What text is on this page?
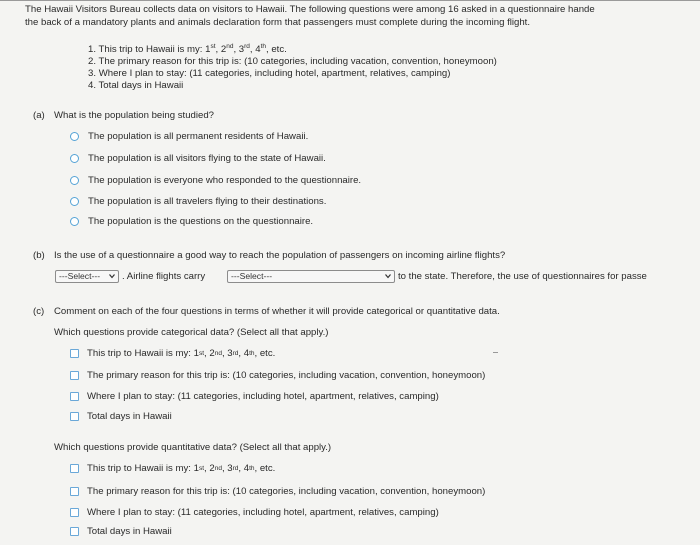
The Hawaii Visitors Bureau collects data on visitors to Hawaii. The following questions were among 16 asked in a questionnaire hande
the back of a mandatory plants and animals declaration form that passengers must complete during the incoming flight.
1. This trip to Hawaii is my: 1st, 2nd, 3rd, 4th, etc.
2. The primary reason for this trip is: (10 categories, including vacation, convention, honeymoon)
3. Where I plan to stay: (11 categories, including hotel, apartment, relatives, camping)
4. Total days in Hawaii
(a) What is the population being studied?
The population is all permanent residents of Hawaii.
The population is all visitors flying to the state of Hawaii.
The population is everyone who responded to the questionnaire.
The population is all travelers flying to their destinations.
The population is the questions on the questionnaire.
(b) Is the use of a questionnaire a good way to reach the population of passengers on incoming airline flights?
---Select---	. Airline flights carry	---Select---	to the state. Therefore, the use of questionnaires for passe
(c) Comment on each of the four questions in terms of whether it will provide categorical or quantitative data.
Which questions provide categorical data? (Select all that apply.)
This trip to Hawaii is my: 1 st , 2 nd , 3 rd , 4 th , etc.
The primary reason for this trip is: (10 categories, including vacation, convention, honeymoon)
Where I plan to stay: (11 categories, including hotel, apartment, relatives, camping)
Total days in Hawaii
Which questions provide quantitative data? (Select all that apply.)
This trip to Hawaii is my: 1 st , 2 nd , 3 rd , 4 th , etc.
The primary reason for this trip is: (10 categories, including vacation, convention, honeymoon)
Where I plan to stay: (11 categories, including hotel, apartment, relatives, camping)
Total days in Hawaii
